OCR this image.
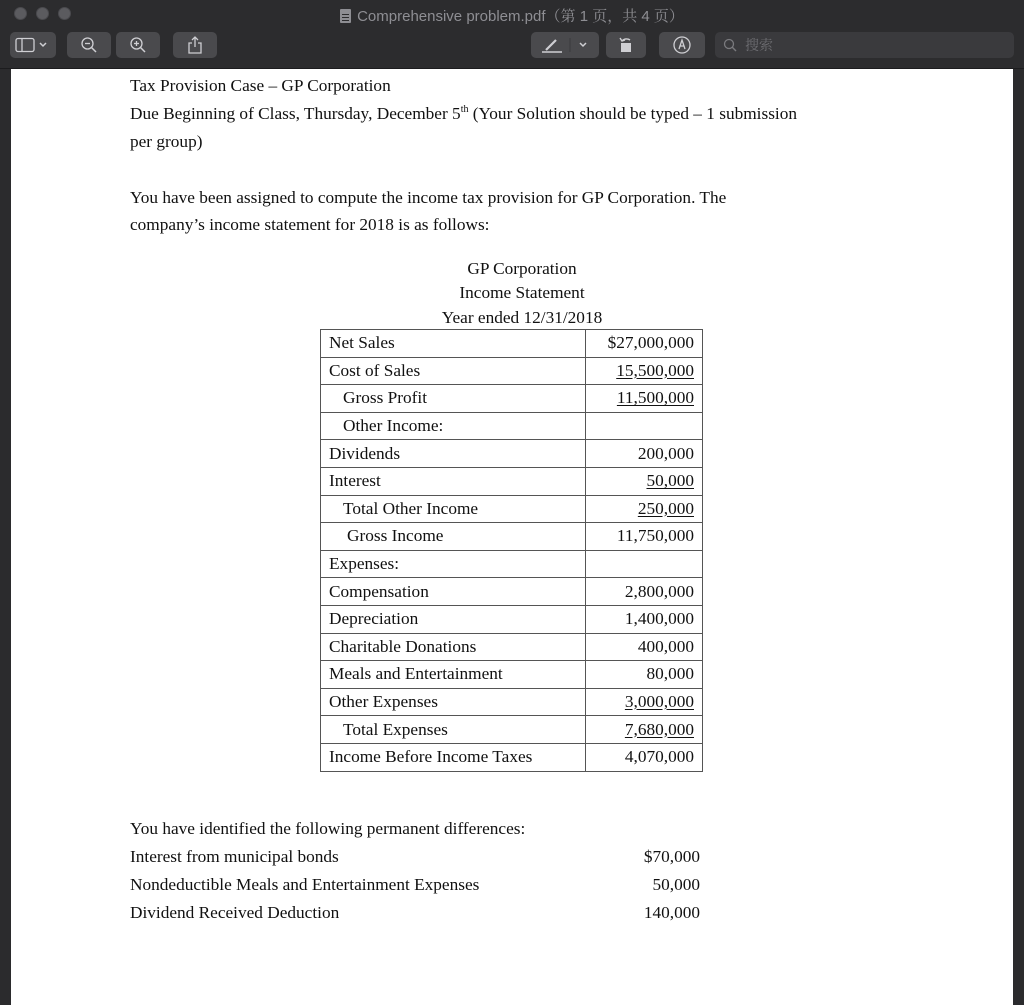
Comprehensive problem.pdf（第 1 页，共 4 页）
搜索
Tax Provision Case – GP Corporation
Due Beginning of Class, Thursday, December 5th (Your Solution should be typed – 1 submission
per group)
You have been assigned to compute the income tax provision for GP Corporation. The
company’s income statement for 2018 is as follows:
GP Corporation
Income Statement
Year ended 12/31/2018
Net Sales	$27,000,000
Cost of Sales	15,500,000
Gross Profit	11,500,000
Other Income:	
Dividends	200,000
Interest	50,000
Total Other Income	250,000
Gross Income	11,750,000
Expenses:	
Compensation	2,800,000
Depreciation	1,400,000
Charitable Donations	400,000
Meals and Entertainment	80,000
Other Expenses	3,000,000
Total Expenses	7,680,000
Income Before Income Taxes	4,070,000
You have identified the following permanent differences:
Interest from municipal bonds	$70,000
Nondeductible Meals and Entertainment Expenses	50,000
Dividend Received Deduction	140,000
